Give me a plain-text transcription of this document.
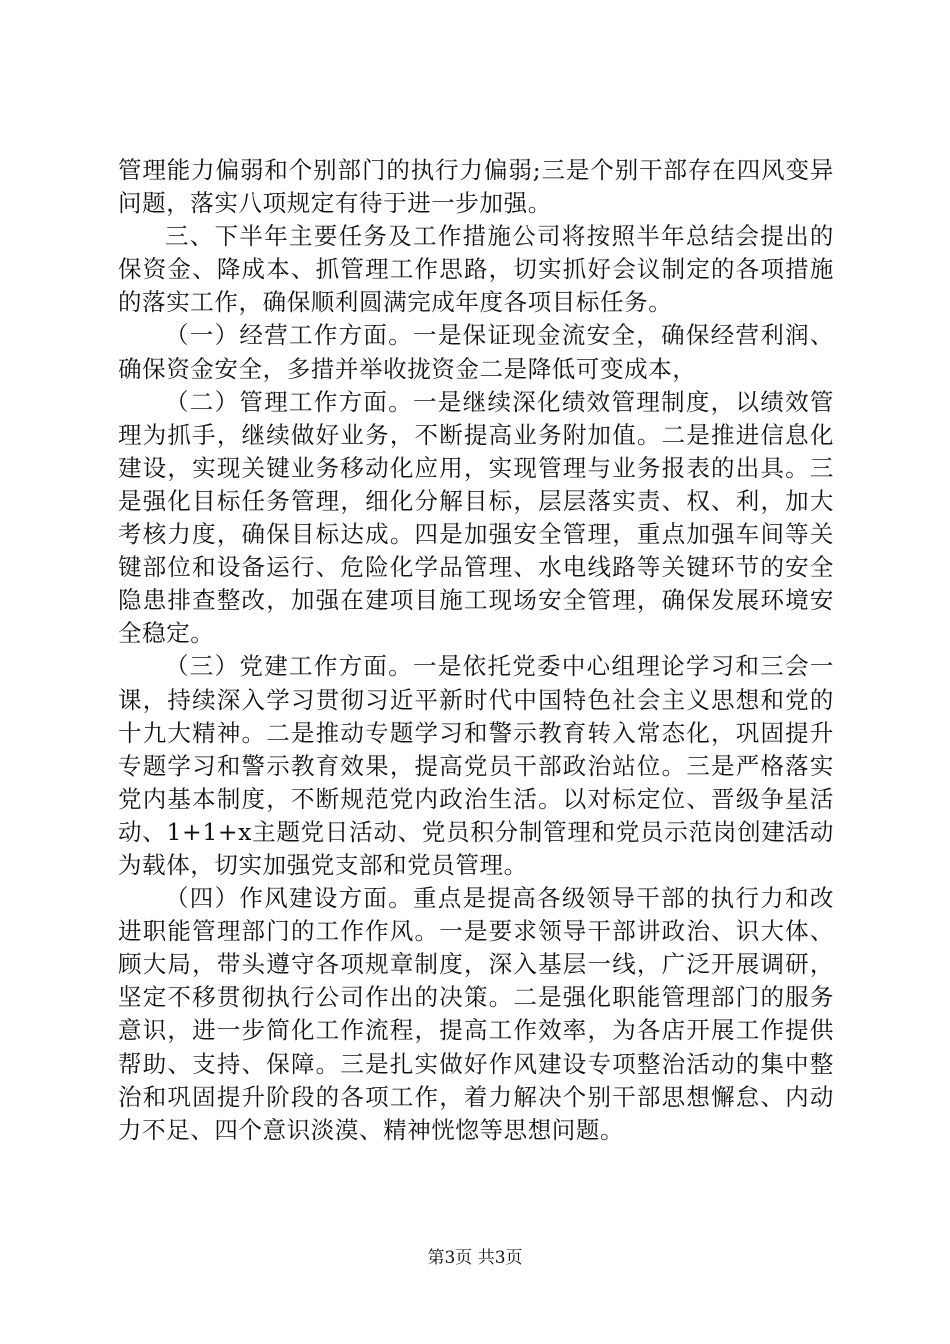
管理能力偏弱和个别部门的执行力偏弱;三是个别干部存在四风变异问题，落实八项规定有待于进一步加强。

三、下半年主要任务及工作措施公司将按照半年总结会提出的保资金、降成本、抓管理工作思路，切实抓好会议制定的各项措施的落实工作，确保顺利圆满完成年度各项目标任务。

（一）经营工作方面。一是保证现金流安全，确保经营利润、确保资金安全，多措并举收拢资金二是降低可变成本，

（二）管理工作方面。一是继续深化绩效管理制度，以绩效管理为抓手，继续做好业务，不断提高业务附加值。二是推进信息化建设，实现关键业务移动化应用，实现管理与业务报表的出具。三是强化目标任务管理，细化分解目标，层层落实责、权、利，加大考核力度，确保目标达成。四是加强安全管理，重点加强车间等关键部位和设备运行、危险化学品管理、水电线路等关键环节的安全隐患排查整改，加强在建项目施工现场安全管理，确保发展环境安全稳定。

（三）党建工作方面。一是依托党委中心组理论学习和三会一课，持续深入学习贯彻习近平新时代中国特色社会主义思想和党的十九大精神。二是推动专题学习和警示教育转入常态化，巩固提升专题学习和警示教育效果，提高党员干部政治站位。三是严格落实党内基本制度，不断规范党内政治生活。以对标定位、晋级争星活动、1+1+x主题党日活动、党员积分制管理和党员示范岗创建活动为载体，切实加强党支部和党员管理。

（四）作风建设方面。重点是提高各级领导干部的执行力和改进职能管理部门的工作作风。一是要求领导干部讲政治、识大体、顾大局，带头遵守各项规章制度，深入基层一线，广泛开展调研，坚定不移贯彻执行公司作出的决策。二是强化职能管理部门的服务意识，进一步简化工作流程，提高工作效率，为各店开展工作提供帮助、支持、保障。三是扎实做好作风建设专项整治活动的集中整治和巩固提升阶段的各项工作，着力解决个别干部思想懈怠、内动力不足、四个意识淡漠、精神恍惚等思想问题。

第3页 共3页
